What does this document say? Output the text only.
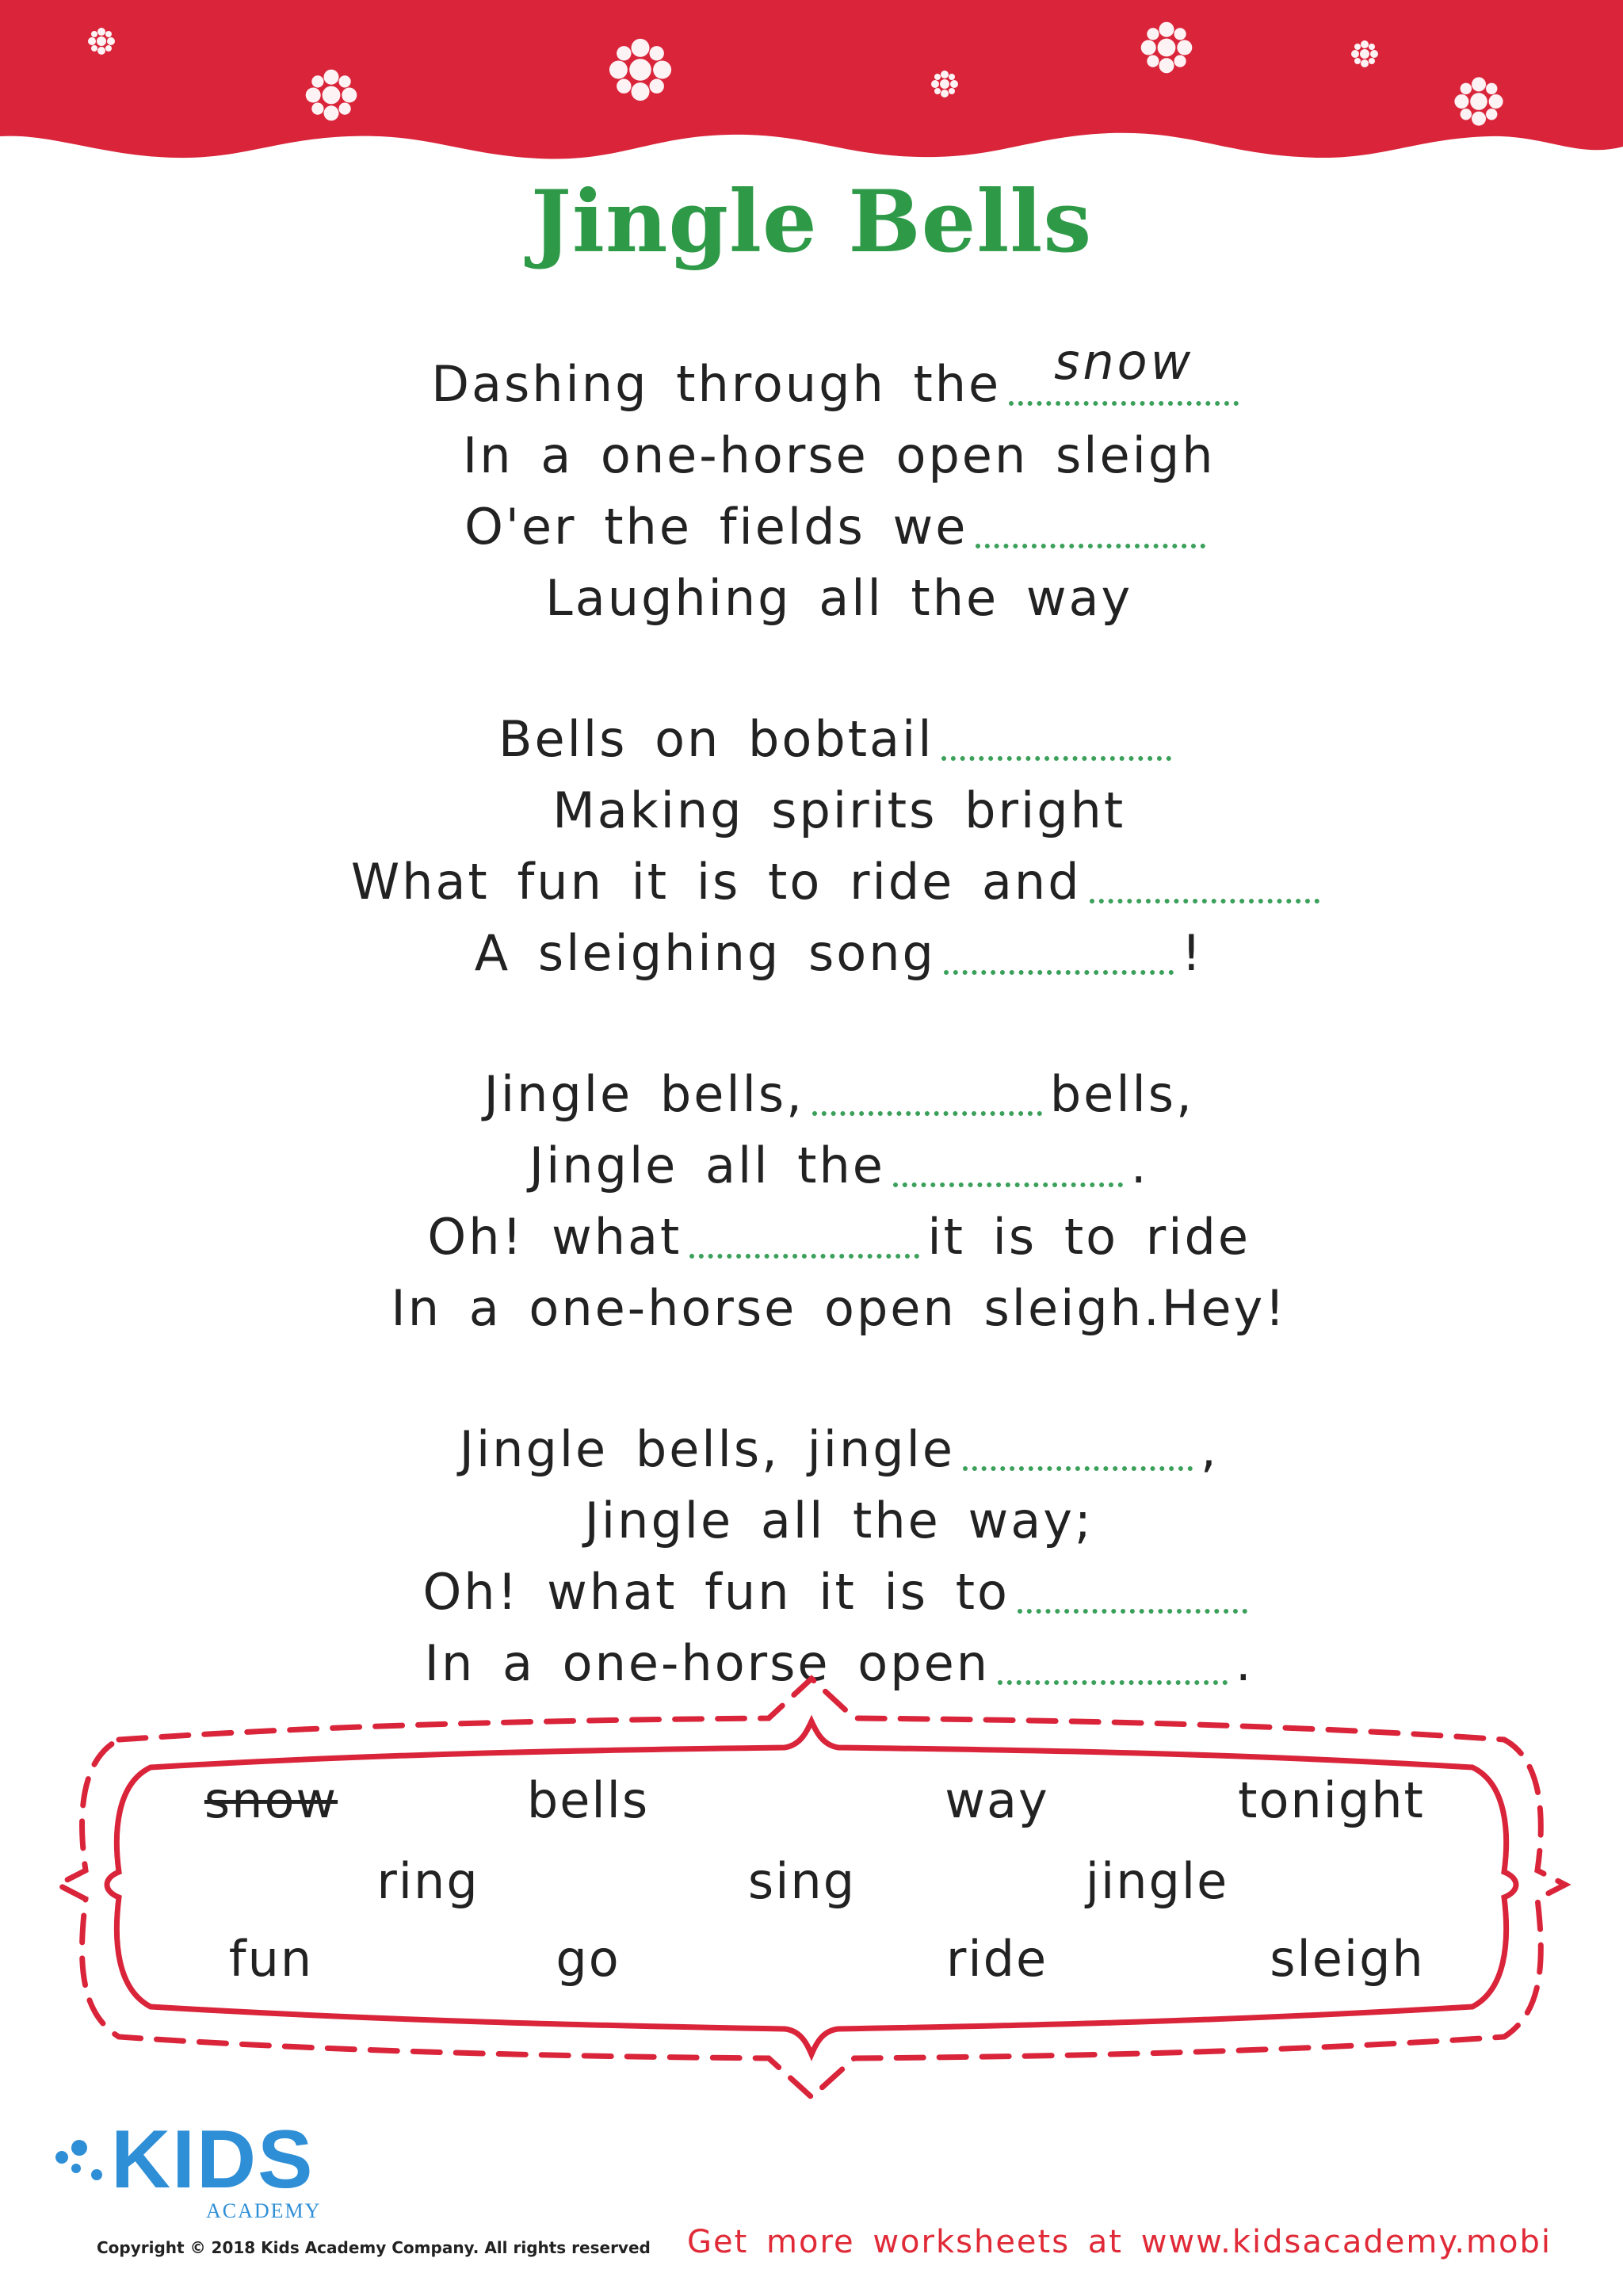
Jingle Bells

Dashing through the	snow

In a one-horse open sleigh

O'er the fields we

Laughing all the way

Bells on bobtail

Making spirits bright

What fun it is to ride and

A sleighing song	!

Jingle bells,	bells,

Jingle all the	.

Oh! what	it is to ride

In a one-horse open sleigh.Hey!

Jingle bells, jingle	,

Jingle all the way;

Oh! what fun it is to

In a one-horse open	.

snow	bells	way	tonight
ring	sing	jingle
fun	go	ride	sleigh
KIDS
ACADEMY
Copyright © 2018 Kids Academy Company. All rights reserved Get more worksheets at www.kidsacademy.mobi
